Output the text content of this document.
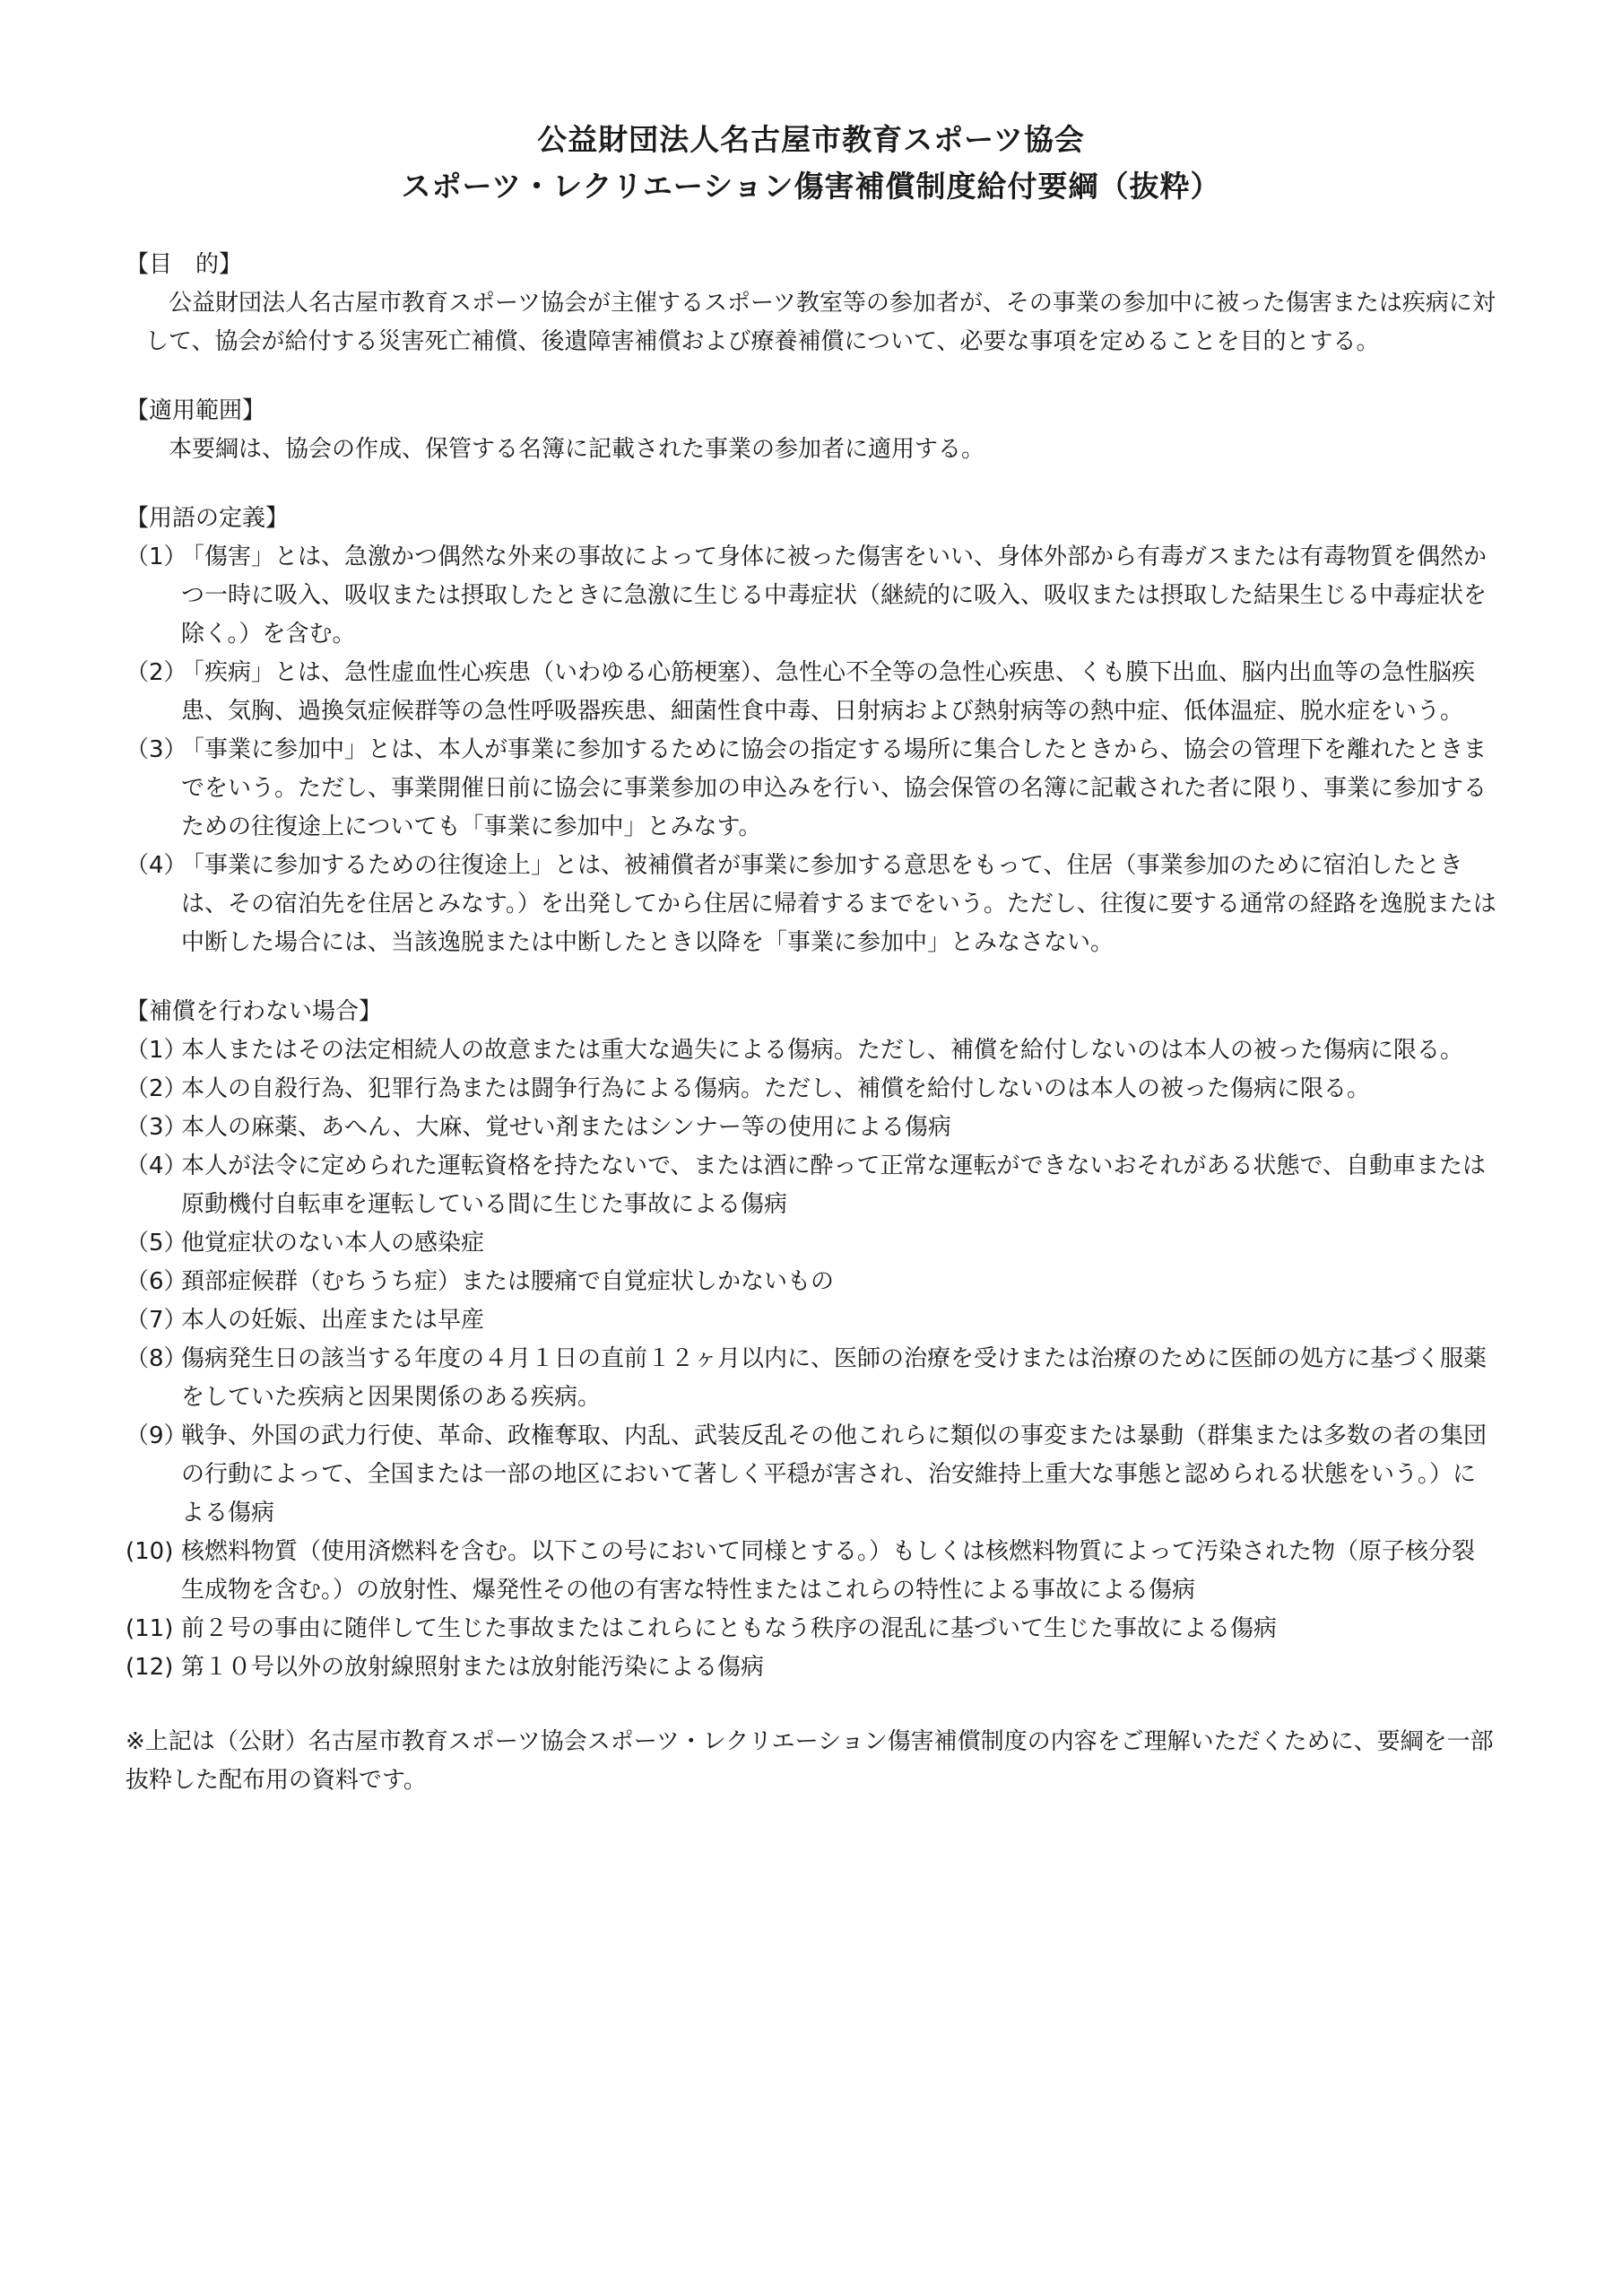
公益財団法人名古屋市教育スポーツ協会

スポーツ・レクリエーション傷害補償制度給付要綱（抜粋）

【目　的】

公益財団法人名古屋市教育スポーツ協会が主催するスポーツ教室等の参加者が、その事業の参加中に被った傷害または疾病に対して、協会が給付する災害死亡補償、後遺障害補償および療養補償について、必要な事項を定めることを目的とする。

【適用範囲】

本要綱は、協会の作成、保管する名簿に記載された事業の参加者に適用する。

【用語の定義】

（1）
「傷害」とは、急激かつ偶然な外来の事故によって身体に被った傷害をいい、身体外部から有毒ガスまたは有毒物質を偶然かつ一時に吸入、吸収または摂取したときに急激に生じる中毒症状（継続的に吸入、吸収または摂取した結果生じる中毒症状を除く。）を含む。
（2）
「疾病」とは、急性虚血性心疾患（いわゆる心筋梗塞）、急性心不全等の急性心疾患、くも膜下出血、脳内出血等の急性脳疾患、気胸、過換気症候群等の急性呼吸器疾患、細菌性食中毒、日射病および熱射病等の熱中症、低体温症、脱水症をいう。
（3）
「事業に参加中」とは、本人が事業に参加するために協会の指定する場所に集合したときから、協会の管理下を離れたときまでをいう。ただし、事業開催日前に協会に事業参加の申込みを行い、協会保管の名簿に記載された者に限り、事業に参加するための往復途上についても「事業に参加中」とみなす。
（4）
「事業に参加するための往復途上」とは、被補償者が事業に参加する意思をもって、住居（事業参加のために宿泊したときは、その宿泊先を住居とみなす。）を出発してから住居に帰着するまでをいう。ただし、往復に要する通常の経路を逸脱または中断した場合には、当該逸脱または中断したとき以降を「事業に参加中」とみなさない。

【補償を行わない場合】

（1）
本人またはその法定相続人の故意または重大な過失による傷病。ただし、補償を給付しないのは本人の被った傷病に限る。
（2）
本人の自殺行為、犯罪行為または闘争行為による傷病。ただし、補償を給付しないのは本人の被った傷病に限る。
（3）
本人の麻薬、あへん、大麻、覚せい剤またはシンナー等の使用による傷病
（4）
本人が法令に定められた運転資格を持たないで、または酒に酔って正常な運転ができないおそれがある状態で、自動車または原動機付自転車を運転している間に生じた事故による傷病
（5）
他覚症状のない本人の感染症
（6）
頚部症候群（むちうち症）または腰痛で自覚症状しかないもの
（7）
本人の妊娠、出産または早産
（8）
傷病発生日の該当する年度の４月１日の直前１２ヶ月以内に、医師の治療を受けまたは治療のために医師の処方に基づく服薬をしていた疾病と因果関係のある疾病。
（9）
戦争、外国の武力行使、革命、政権奪取、内乱、武装反乱その他これらに類似の事変または暴動（群集または多数の者の集団の行動によって、全国または一部の地区において著しく平穏が害され、治安維持上重大な事態と認められる状態をいう。）による傷病
(10) 核燃料物質（使用済燃料を含む。以下この号において同様とする。）もしくは核燃料物質によって汚染された物（原子核分裂生成物を含む。）の放射性、爆発性その他の有害な特性またはこれらの特性による事故による傷病
(11) 前２号の事由に随伴して生じた事故またはこれらにともなう秩序の混乱に基づいて生じた事故による傷病
(12) 第１０号以外の放射線照射または放射能汚染による傷病

※上記は（公財）名古屋市教育スポーツ協会スポーツ・レクリエーション傷害補償制度の内容をご理解いただくために、要綱を一部抜粋した配布用の資料です。
